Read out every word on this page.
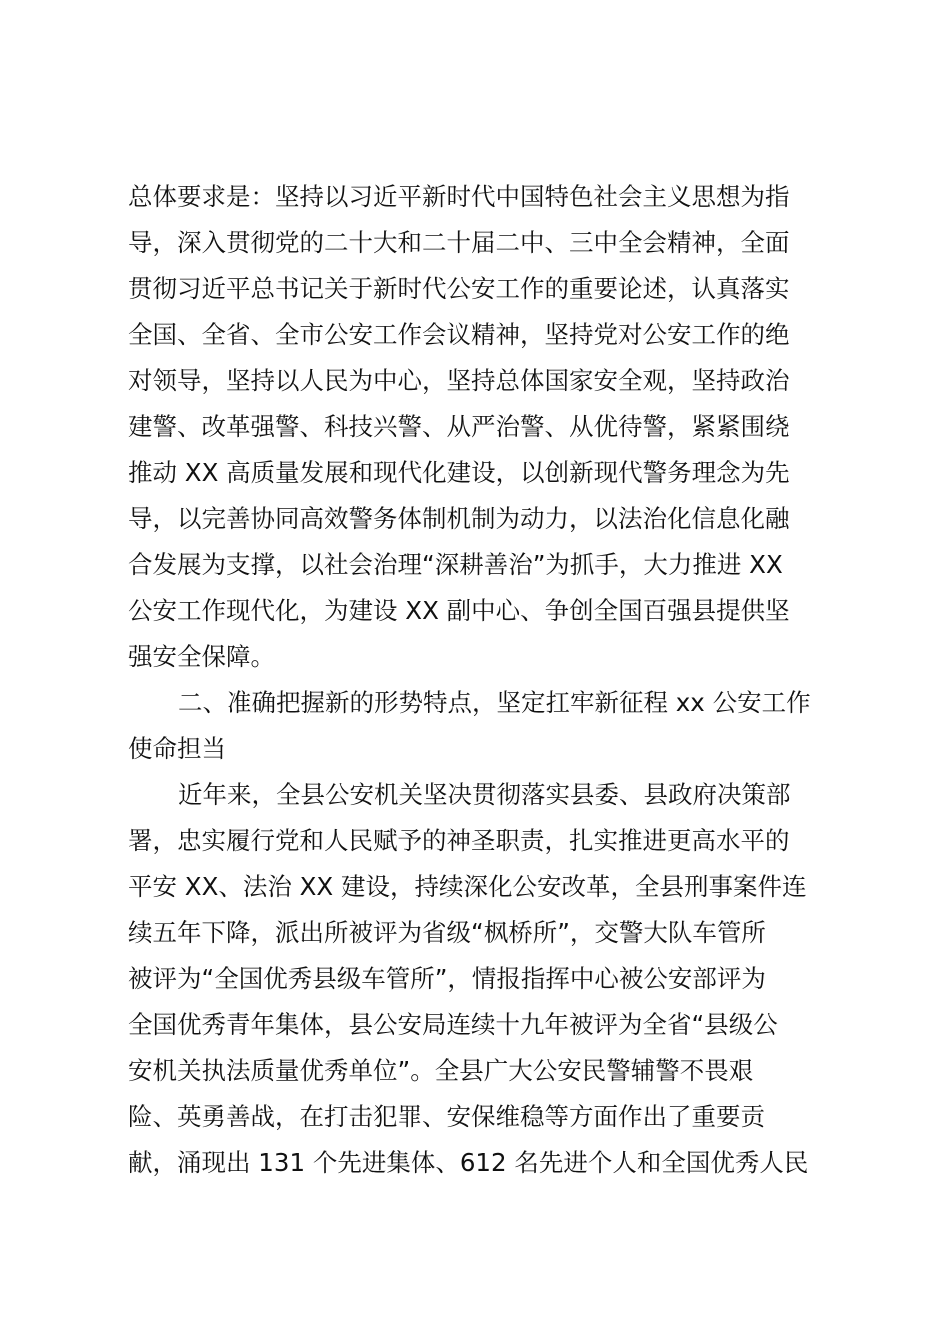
总体要求是：坚持以习近平新时代中国特色社会主义思想为指
导，深入贯彻党的二十大和二十届二中、三中全会精神，全面
贯彻习近平总书记关于新时代公安工作的重要论述，认真落实
全国、全省、全市公安工作会议精神，坚持党对公安工作的绝
对领导，坚持以人民为中心，坚持总体国家安全观，坚持政治
建警、改革强警、科技兴警、从严治警、从优待警，紧紧围绕
推动 XX 高质量发展和现代化建设，以创新现代警务理念为先
导，以完善协同高效警务体制机制为动力，以法治化信息化融
合发展为支撑，以社会治理“深耕善治”为抓手，大力推进 XX
公安工作现代化，为建设 XX 副中心、争创全国百强县提供坚
强安全保障。
二、准确把握新的形势特点，坚定扛牢新征程 xx 公安工作
使命担当
近年来，全县公安机关坚决贯彻落实县委、县政府决策部
署，忠实履行党和人民赋予的神圣职责，扎实推进更高水平的
平安 XX、法治 XX 建设，持续深化公安改革，全县刑事案件连
续五年下降，派出所被评为省级“枫桥所”，交警大队车管所
被评为“全国优秀县级车管所”，情报指挥中心被公安部评为
全国优秀青年集体，县公安局连续十九年被评为全省“县级公
安机关执法质量优秀单位”。全县广大公安民警辅警不畏艰
险、英勇善战，在打击犯罪、安保维稳等方面作出了重要贡
献，涌现出 131 个先进集体、612 名先进个人和全国优秀人民
